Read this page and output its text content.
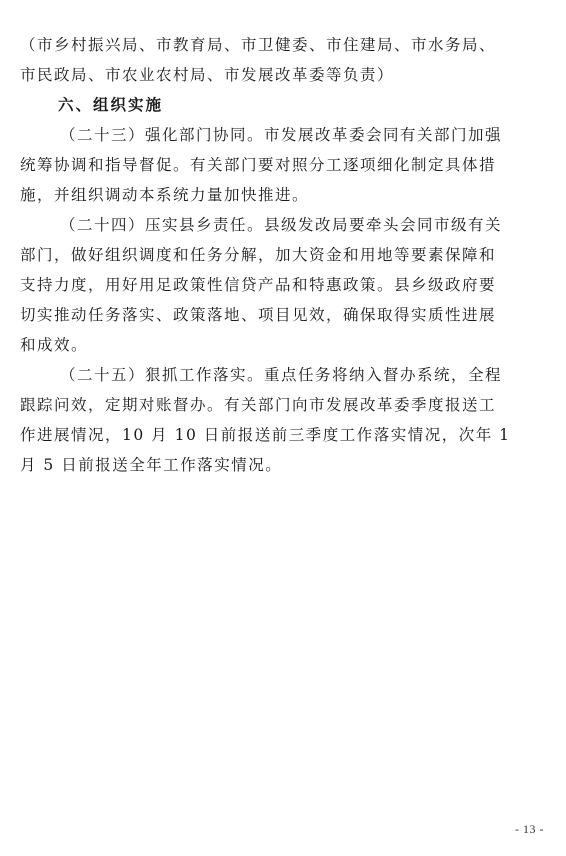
（市乡村振兴局、市教育局、市卫健委、市住建局、市水务局、
市民政局、市农业农村局、市发展改革委等负责）
六、组织实施
（二十三）强化部门协同。市发展改革委会同有关部门加强
统筹协调和指导督促。有关部门要对照分工逐项细化制定具体措
施，并组织调动本系统力量加快推进。
（二十四）压实县乡责任。县级发改局要牵头会同市级有关
部门，做好组织调度和任务分解，加大资金和用地等要素保障和
支持力度，用好用足政策性信贷产品和特惠政策。县乡级政府要
切实推动任务落实、政策落地、项目见效，确保取得实质性进展
和成效。
（二十五）狠抓工作落实。重点任务将纳入督办系统，全程
跟踪问效，定期对账督办。有关部门向市发展改革委季度报送工
作进展情况，10 月 10 日前报送前三季度工作落实情况，次年 1
月 5 日前报送全年工作落实情况。
- 13 -
